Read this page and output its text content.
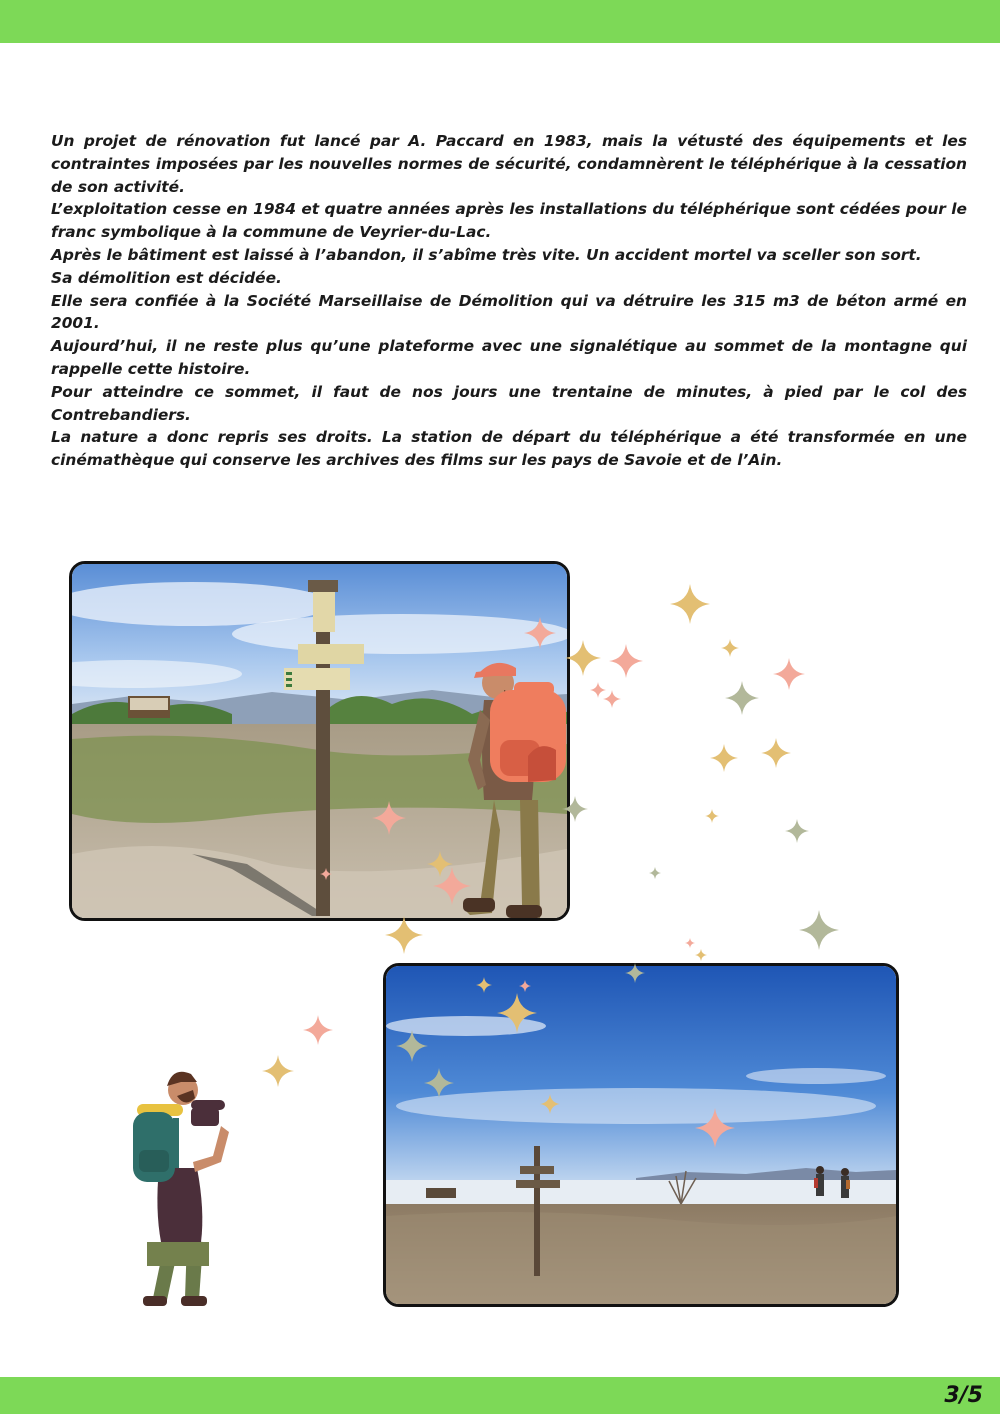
Un projet de rénovation fut lancé par A. Paccard en 1983, mais la vétusté des équipements et les contraintes imposées par les nouvelles normes de sécurité, condamnèrent le téléphérique à la cessation de son activité.

L’exploitation cesse en 1984 et quatre années après les installations du téléphérique sont cédées pour le franc symbolique à la commune de Veyrier-du-Lac.

Après le bâtiment est laissé à l’abandon, il s’abîme très vite. Un accident mortel va sceller son sort.

Sa démolition est décidée.

Elle sera confiée à la Société Marseillaise de Démolition qui va détruire les 315 m3 de béton armé en 2001.

Aujourd’hui, il ne reste plus qu’une plateforme avec une signalétique au sommet de la montagne qui rappelle cette histoire.

Pour atteindre ce sommet, il faut de nos jours une trentaine de minutes, à pied par le col des Contrebandiers.

La nature a donc repris ses droits. La station de départ du téléphérique a été transformée en une cinémathèque qui conserve les archives des films sur les pays de Savoie et de l’Ain.

3/5
